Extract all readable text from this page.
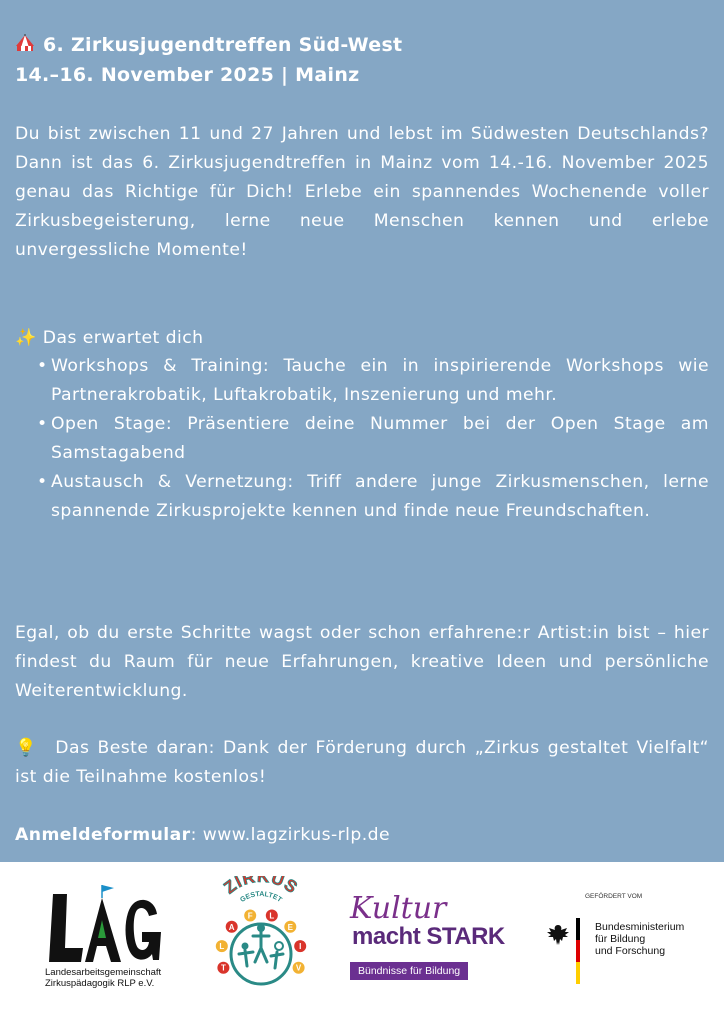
6. Zirkusjugendtreffen Süd-West
14.–16. November 2025 | Mainz
Du bist zwischen 11 und 27 Jahren und lebst im Südwesten Deutschlands? Dann ist das 6. Zirkusjugendtreffen in Mainz vom 14.-16. November 2025 genau das Richtige für Dich! Erlebe ein spannendes Wochenende voller Zirkusbegeisterung, lerne neue Menschen kennen und erlebe unvergessliche Momente!
✨ Das erwartet dich
• Workshops & Training: Tauche ein in inspirierende Workshops wie Partnerakrobatik, Luftakrobatik, Inszenierung und mehr.
• Open Stage: Präsentiere deine Nummer bei der Open Stage am Samstagabend
• Austausch & Vernetzung: Triff andere junge Zirkusmenschen, lerne spannende Zirkusprojekte kennen und finde neue Freundschaften.
Egal, ob du erste Schritte wagst oder schon erfahrene:r Artist:in bist – hier findest du Raum für neue Erfahrungen, kreative Ideen und persönliche Weiterentwicklung.
💡 Das Beste daran: Dank der Förderung durch „Zirkus gestaltet Vielfalt“ ist die Teilnahme kostenlos!
Anmeldeformular: www.lagzirkus-rlp.de
Landesarbeitsgemeinschaft
Zirkuspädagogik RLP e.V.
ZIRKUS
GESTALTET
V
I
E
L
F
A
L
T
Kultur
macht STARK
Bündnisse für Bildung
GEFÖRDERT VOM
Bundesministerium
für Bildung
und Forschung
